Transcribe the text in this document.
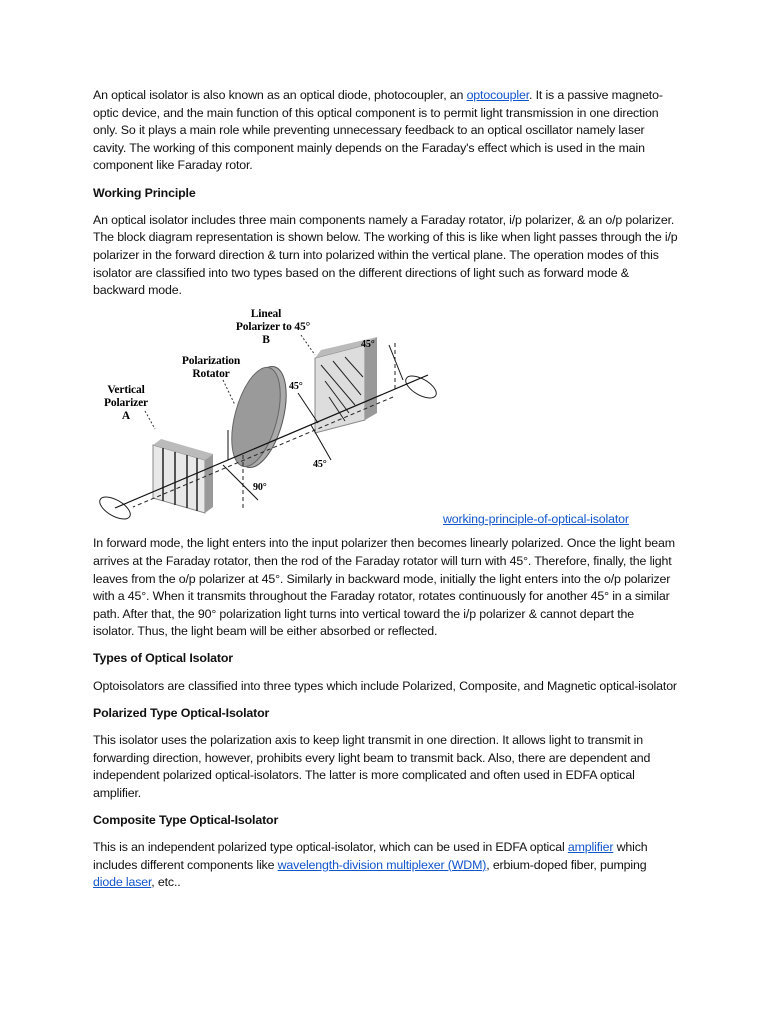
An optical isolator is also known as an optical diode, photocoupler, an optocoupler. It is a passive magneto-optic device, and the main function of this optical component is to permit light transmission in one direction only. So it plays a main role while preventing unnecessary feedback to an optical oscillator namely laser cavity. The working of this component mainly depends on the Faraday's effect which is used in the main component like Faraday rotor.

Working Principle

An optical isolator includes three main components namely a Faraday rotator, i/p polarizer, & an o/p polarizer. The block diagram representation is shown below. The working of this is like when light passes through the i/p polarizer in the forward direction & turn into polarized within the vertical plane. The operation modes of this isolator are classified into two types based on the different directions of light such as forward mode & backward mode.

Lineal
Polarizer to 45°
B
Polarization
Rotator
Vertical
Polarizer
A
45°
45°
45°
90°
working-principle-of-optical-isolator

In forward mode, the light enters into the input polarizer then becomes linearly polarized. Once the light beam arrives at the Faraday rotator, then the rod of the Faraday rotator will turn with 45°. Therefore, finally, the light leaves from the o/p polarizer at 45°. Similarly in backward mode, initially the light enters into the o/p polarizer with a 45°. When it transmits throughout the Faraday rotator, rotates continuously for another 45° in a similar path. After that, the 90° polarization light turns into vertical toward the i/p polarizer & cannot depart the isolator. Thus, the light beam will be either absorbed or reflected.

Types of Optical Isolator

Optoisolators are classified into three types which include Polarized, Composite, and Magnetic optical-isolator

Polarized Type Optical-Isolator

This isolator uses the polarization axis to keep light transmit in one direction. It allows light to transmit in forwarding direction, however, prohibits every light beam to transmit back. Also, there are dependent and independent polarized optical-isolators. The latter is more complicated and often used in EDFA optical amplifier.

Composite Type Optical-Isolator

This is an independent polarized type optical-isolator, which can be used in EDFA optical amplifier which includes different components like wavelength-division multiplexer (WDM), erbium-doped fiber, pumping diode laser, etc..
